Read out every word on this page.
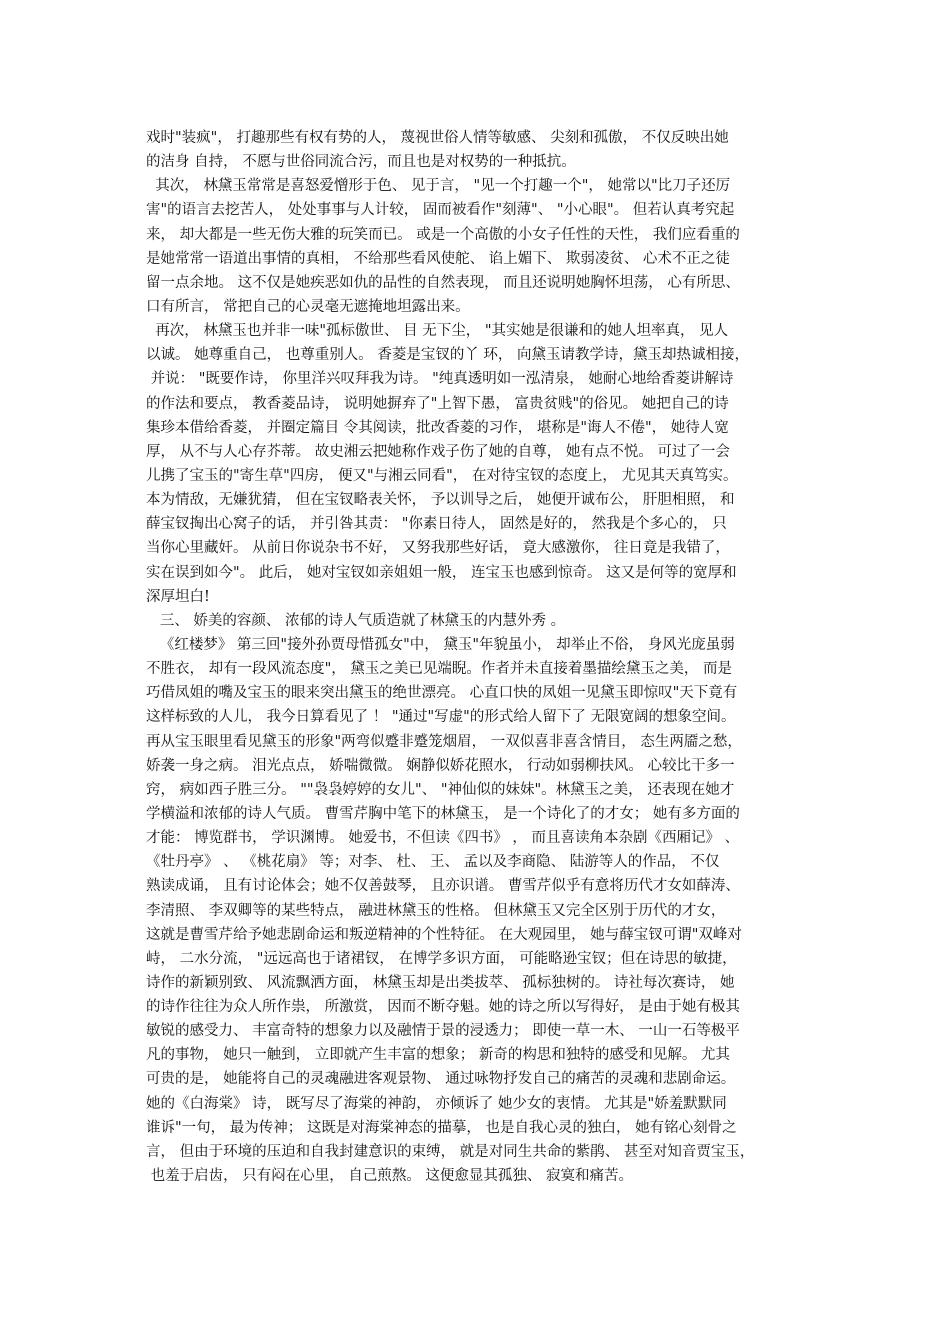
戏时"装疯"， 打趣那些有权有势的人， 蔑视世俗人情等敏感、 尖刻和孤傲， 不仅反映出她
的洁身 自持， 不愿与世俗同流合污，而且也是对权势的一种抵抗。
其次， 林黛玉常常是喜怒爱憎形于色、 见于言， "见一个打趣一个"， 她常以"比刀子还厉
害"的语言去挖苦人， 处处事事与人计较， 固而被看作"刻薄"、 "小心眼"。 但若认真考究起
来， 却大都是一些无伤大雅的玩笑而已。 或是一个高傲的小女子任性的天性， 我们应看重的
是她常常一语道出事情的真相， 不给那些看风使舵、 谄上媚下、 欺弱凌贫、 心术不正之徒
留一点余地。 这不仅是她疾恶如仇的品性的自然表现， 而且还说明她胸怀坦荡， 心有所思、
口有所言， 常把自己的心灵毫无遮掩地坦露出来。
再次， 林黛玉也并非一味"孤标傲世、 目 无下尘， "其实她是很谦和的她人坦率真， 见人
以诚。 她尊重自己， 也尊重别人。 香菱是宝钗的丫 环， 向黛玉请教学诗，黛玉却热诚相接，
并说： "既要作诗， 你里洋兴叹拜我为诗。 "纯真透明如一泓清泉， 她耐心地给香菱讲解诗
的作法和要点， 教香菱品诗， 说明她摒弃了"上智下愚， 富贵贫贱"的俗见。 她把自己的诗
集珍本借给香菱， 并圈定篇目 令其阅读，批改香菱的习作， 堪称是"诲人不倦"， 她待人宽
厚， 从不与人心存芥蒂。 故史湘云把她称作戏子伤了她的自尊， 她有点不悦。 可过了一会
儿携了宝玉的"寄生草"四房， 便又"与湘云同看"， 在对待宝钗的态度上， 尤见其天真笃实。
本为情敌，无嫌犹猜， 但在宝钗略表关怀， 予以训导之后， 她便开诚布公， 肝胆相照， 和
薛宝钗掏出心窝子的话， 并引咎其责： "你素日待人， 固然是好的， 然我是个多心的， 只
当你心里藏奸。 从前日你说杂书不好， 又努我那些好话， 竟大感激你， 往日竟是我错了，
实在误到如今"。 此后， 她对宝钗如亲姐姐一般， 连宝玉也感到惊奇。 这又是何等的宽厚和
深厚坦白!
三、 娇美的容颜、 浓郁的诗人气质造就了林黛玉的内慧外秀 。
《红楼梦》 第三回"接外孙贾母惜孤女"中， 黛玉"年貌虽小， 却举止不俗， 身风光庞虽弱
不胜衣， 却有一段风流态度"， 黛玉之美已见端睨。作者并未直接着墨描绘黛玉之美， 而是
巧借凤姐的嘴及宝玉的眼来突出黛玉的绝世漂亮。 心直口快的凤姐一见黛玉即惊叹"天下竟有
这样标致的人儿， 我今日算看见了 ！ "通过"写虚"的形式给人留下了 无限宽阔的想象空间。
再从宝玉眼里看见黛玉的形象"两弯似蹙非蹙笼烟眉， 一双似喜非喜含情目， 态生两靥之愁，
娇袭一身之病。 泪光点点， 娇喘微微。 娴静似娇花照水， 行动如弱柳扶风。 心较比干多一
窍， 病如西子胜三分。 ""袅袅婷婷的女儿"、 "神仙似的妹妹"。林黛玉之美， 还表现在她才
学横溢和浓郁的诗人气质。 曹雪芹胸中笔下的林黛玉， 是一个诗化了的才女； 她有多方面的
才能： 博览群书， 学识渊博。 她爱书，不但读《四书》 ， 而且喜读角本杂剧《西厢记》 、
《牡丹亭》 、 《桃花扇》 等；对李、 杜、 王、 孟以及李商隐、 陆游等人的作品， 不仅
熟读成诵， 且有讨论体会；她不仅善鼓琴， 且亦识谱。 曹雪芹似乎有意将历代才女如薛涛、
李清照、 李双卿等的某些特点， 融进林黛玉的性格。 但林黛玉又完全区别于历代的才女，
这就是曹雪芹给予她悲剧命运和叛逆精神的个性特征。 在大观园里， 她与薛宝钗可谓"双峰对
峙， 二水分流， "远远高也于诸裙钗， 在博学多识方面， 可能略逊宝钗；但在诗思的敏捷，
诗作的新颖别致、 风流飘洒方面， 林黛玉却是出类拔萃、 孤标独树的。 诗社每次赛诗， 她
的诗作往往为众人所作祟， 所激赏， 因而不断夺魁。她的诗之所以写得好， 是由于她有极其
敏锐的感受力、 丰富奇特的想象力以及融情于景的浸透力； 即使一草一木、 一山一石等极平
凡的事物， 她只一触到， 立即就产生丰富的想象； 新奇的构思和独特的感受和见解。 尤其
可贵的是， 她能将自己的灵魂融进客观景物、 通过咏物抒发自己的痛苦的灵魂和悲剧命运。
她的《白海棠》 诗， 既写尽了海棠的神韵， 亦倾诉了 她少女的衷情。 尤其是"娇羞默默同
谁诉"一句， 最为传神； 这既是对海棠神态的描摹， 也是自我心灵的独白， 她有铭心刻骨之
言， 但由于环境的压迫和自我封建意识的束缚， 就是对同生共命的紫鹃、 甚至对知音贾宝玉，
也羞于启齿， 只有闷在心里， 自己煎熬。 这便愈显其孤独、 寂寞和痛苦。
